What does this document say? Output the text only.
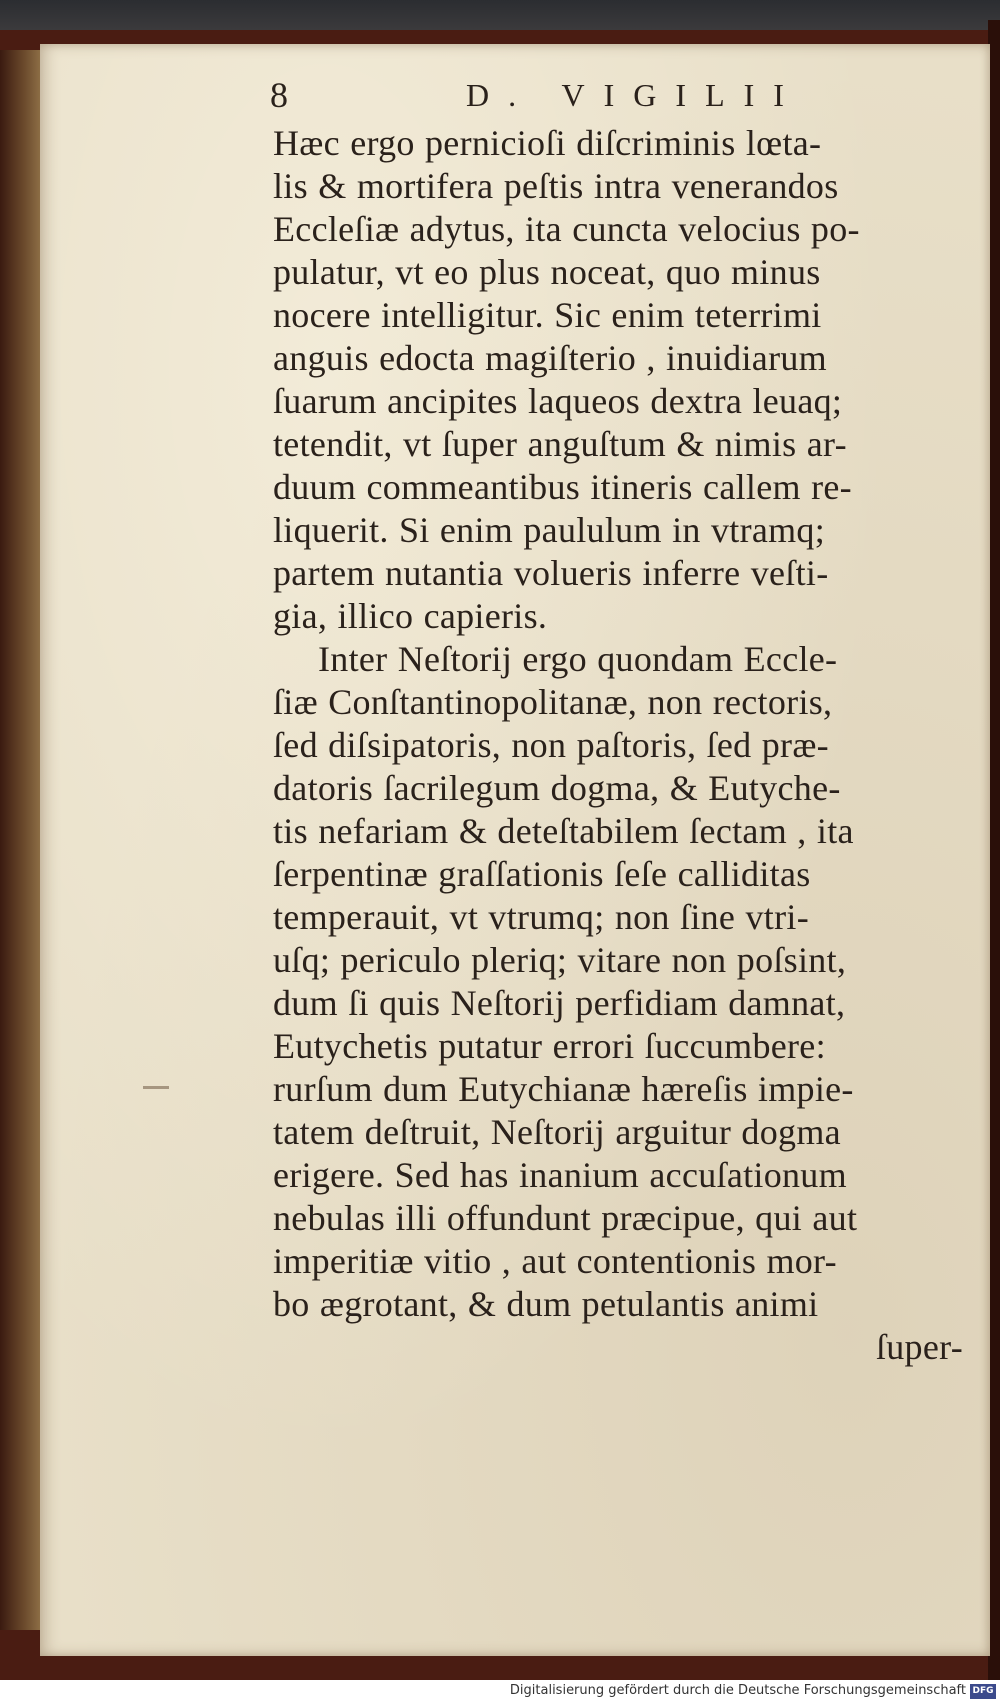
8	D. VIGILII
Hæc ergo pernicioſi diſcriminis lœta-
lis & mortifera peſtis intra venerandos
Eccleſiæ adytus, ita cuncta velocius po-
pulatur, vt eo plus noceat, quo minus
nocere intelligitur. Sic enim teterrimi
anguis edocta magiſterio , inuidiarum
ſuarum ancipites laqueos dextra leuaq;
tetendit, vt ſuper anguſtum & nimis ar-
duum commeantibus itineris callem re-
liquerit. Si enim paululum in vtramq;
partem nutantia volueris inferre veſti-
gia, illico capieris.
Inter Neſtorij ergo quondam Eccle-
ſiæ Conſtantinopolitanæ, non rectoris,
ſed diſsipatoris, non paſtoris, ſed præ-
datoris ſacrilegum dogma, & Eutyche-
tis nefariam & deteſtabilem ſectam , ita
ſerpentinæ graſſationis ſeſe calliditas
temperauit, vt vtrumq; non ſine vtri-
uſq; periculo pleriq; vitare non poſsint,
dum ſi quis Neſtorij perfidiam damnat,
Eutychetis putatur errori ſuccumbere:
rurſum dum Eutychianæ hæreſis impie-
tatem deſtruit, Neſtorij arguitur dogma
erigere. Sed has inanium accuſationum
nebulas illi offundunt præcipue, qui aut
imperitiæ vitio , aut contentionis mor-
bo ægrotant, & dum petulantis animi
ſuper-
Digitalisierung gefördert durch die Deutsche Forschungsgemeinschaft DFG
